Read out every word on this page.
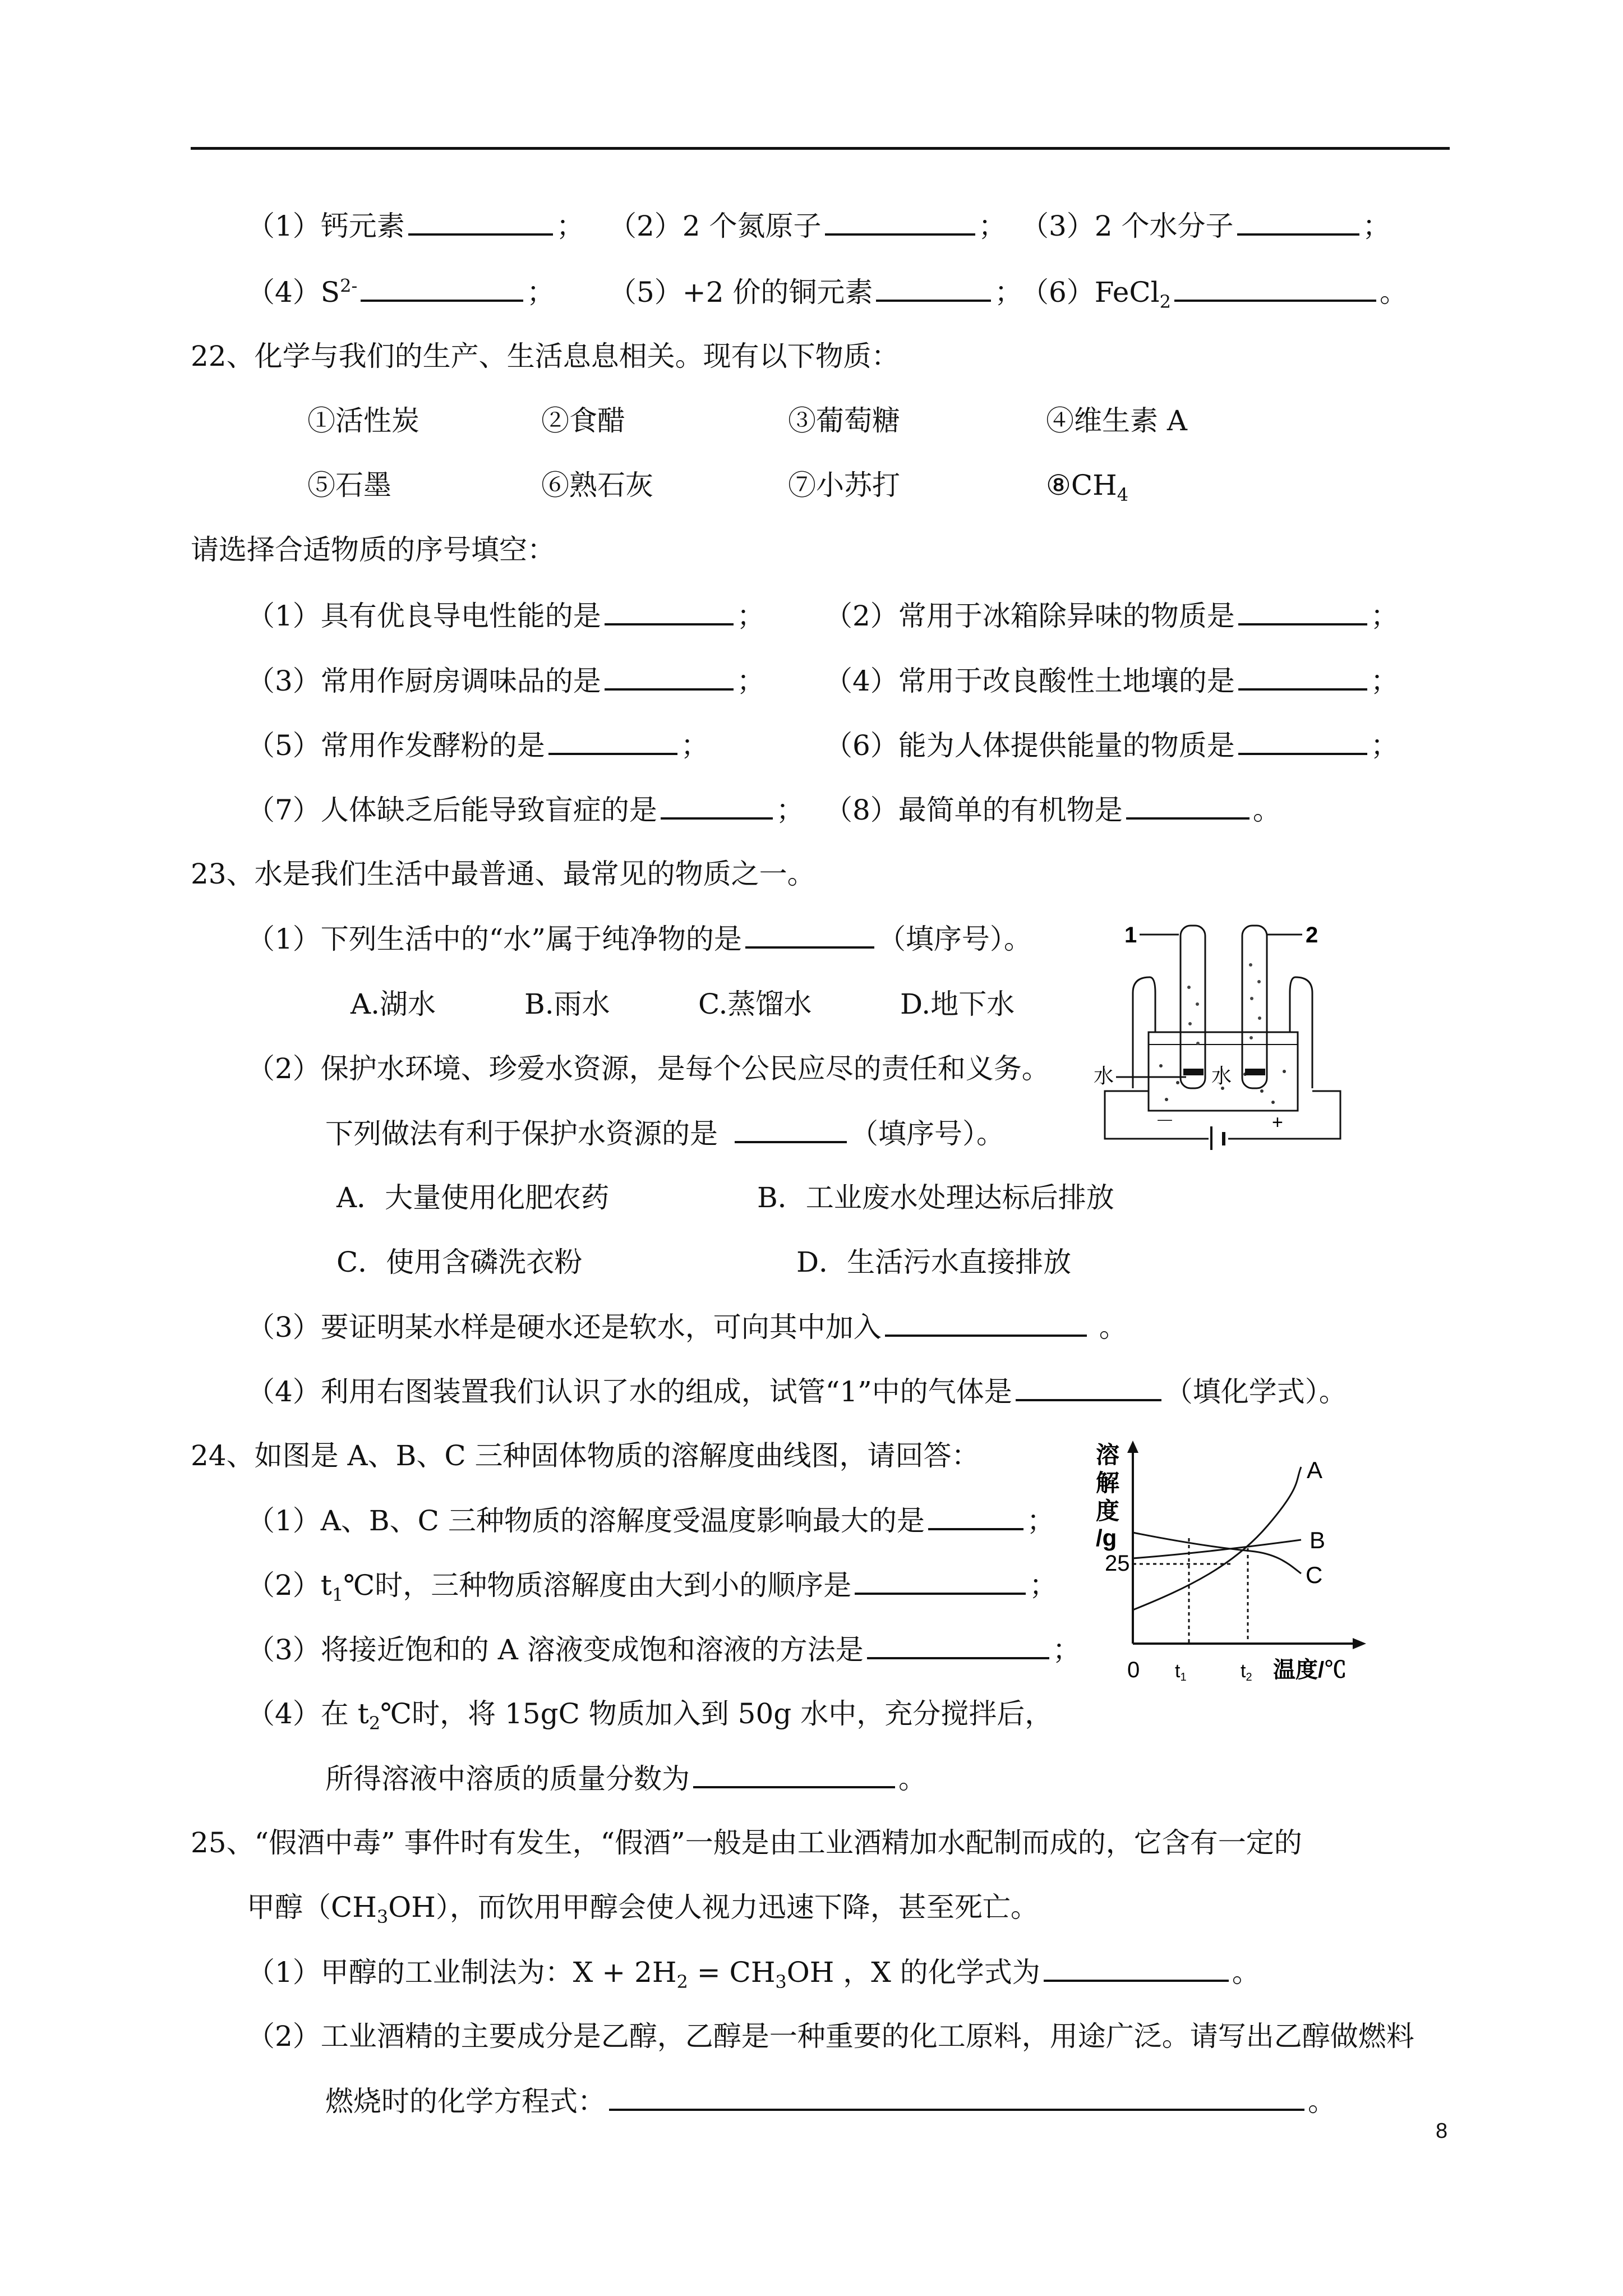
（1）钙元素	； （2）2 个氮原子	； （3）2 个水分子	；
$(4)S^{2-}$	； （5）+2 价的铜元素	；
（6）FeCl$_2$	。
22、化学与我们的生产、生活息息相关。现有以下物质：
①活性炭	②食醋	③葡萄糖	④维生素 A
⑤石墨	⑥熟石灰	⑦小苏打	$⑧CH_4$
请选择合适物质的序号填空：
（1）具有优良导电性能的是	； （2）常用于冰箱除异味的物质是	；
（3）常用作厨房调味品的是	； （4）常用于改良酸性土地壤的是	；
（5）常用作发酵粉的是	；	（6）能为人体提供能量的物质是	；
（7）人体缺乏后能导致盲症的是	； （8）最简单的有机物是	。
23、水是我们生活中最普通、最常见的物质之一。
（1）下列生活中的“水”属于纯净物的是	（填序号）。
A.湖水	B.雨水	C.蒸馏水	D.地下水
（2）保护水环境、珍爱水资源，是每个公民应尽的责任和义务。
下列做法有利于保护水资源的是	（填序号）。
A．大量使用化肥农药	B．工业废水处理达标后排放
C．使用含磷洗衣粉	D．生活污水直接排放
（3）要证明某水样是硬水还是软水，可向其中加入	。
（4）利用右图装置我们认识了水的组成，试管“1”中的气体是	（填化学式）。
1	2
水	水
－	+
24、如图是 A、B、C 三种固体物质的溶解度曲线图，请回答：
（1）A、B、C 三种物质的溶解度受温度影响最大的是	；
$(2)t_1℃$时，三种物质溶解度由大到小的顺序是	；
（3）将接近饱和的 A 溶液变成饱和溶液的方法是	；
（4）在 $t_2℃$时，将 15gC 物质加入到 50g 水中，充分搅拌后，
所得溶液中溶质的质量分数为	。
溶
解
度
/g
25
A
B
C
0 t1	t2 温度/℃
25、“假酒中毒” 事件时有发生，“假酒”一般是由工业酒精加水配制而成的，它含有一定的
甲醇$(CH_3OH)$，而饮用甲醇会使人视力迅速下降，甚至死亡。
（1）甲醇的工业制法为：$X + 2H_2 = CH_3OH$ ，X 的化学式为	。
（2）工业酒精的主要成分是乙醇，乙醇是一种重要的化工原料，用途广泛。请写出乙醇做燃料
燃烧时的化学方程式：	。
8
